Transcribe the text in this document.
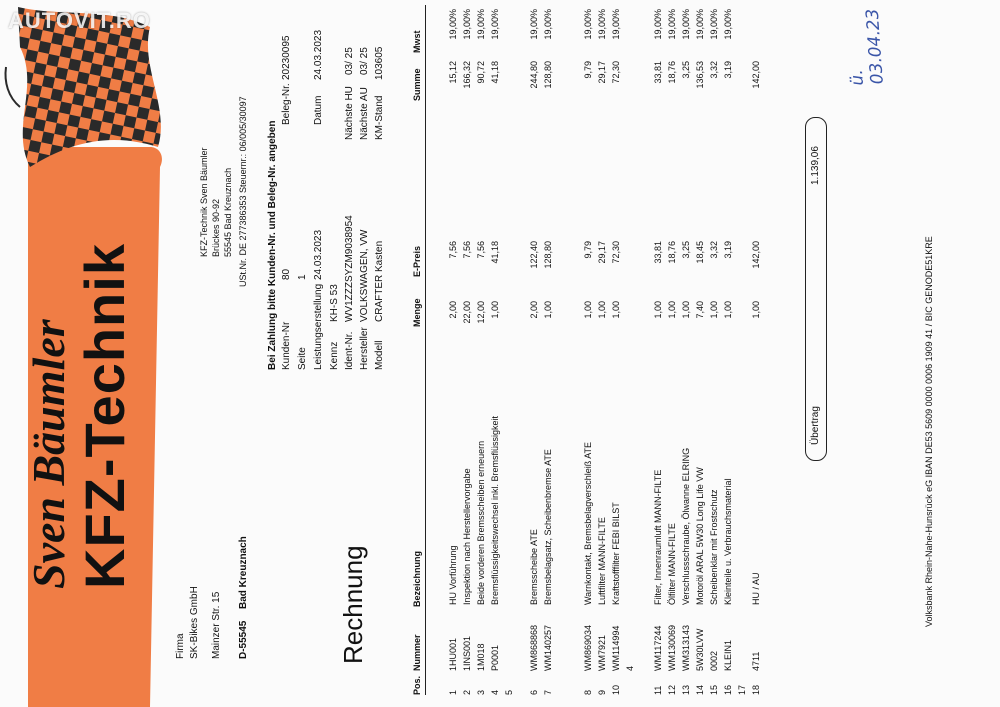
Sven Bäumler KFZ-Technik
Firma SK-Bikes GmbH Mainzer Str. 15 D-55545
Bad Kreuznach
KFZ-Technik Sven Bäumler Brückes 90-92 55545 Bad Kreuznach USt.Nr. DE 277386353 Steuernr.: 06/005/30097
Rechnung
Bei Zahlung bitte Kunden-Nr. und Beleg-Nr. angeben Kunden-Nr
80
Seite
1
Leistungserstellung
24.03.2023
Kennz
KH-S 53
Ident-Nr.
WV1ZZZSYZM9038954
Hersteller
VOLKSWAGEN, VW
Modell
CRAFTER Kasten
Beleg-Nr.
20230095
Datum
24.03.2023
Nächste HU
03/ 25
Nächste AU
03/ 25
KM-Stand
103605
Pos.
Nummer
Bezeichnung
Menge
E-Preis
Summe
Mwst
1
1HU001
HU Vorführung
2,00
7,56
15,12
19,00%
2
1INS001
Inspektion nach Herstellervorgabe
22,00
7,56
166,32
19,00%
3
1M018
Beide vorderen Bremsscheiben erneuern
12,00
7,56
90,72
19,00%
4
P0001
Bremsflüssigkeitswechsel inkl. Bremsflüssigkeit
1,00
41,18
41,18
19,00%
5 6
WM868868
Bremsscheibe ATE
2,00
122,40
244,80
19,00%
7
WM140257
Bremsbelagsatz, Scheibenbremse ATE
1,00
128,80
128,80
19,00%
8
WM869034
Warnkontakt, Bremsbelagverschleiß ATE
1,00
9,79
9,79
19,00%
9
WM7921
Luftfilter MANN-FILTE
1,00
29,17
29,17
19,00%
10
WM114994
Kraftstofffilter FEBI BILST
1,00
72,30
72,30
19,00%
4
11
WM117244
Filter, Innenraumluft MANN-FILTE
1,00
33,81
33,81
19,00%
12
WM130069
Ölfilter MANN-FILTE
1,00
18,76
18,76
19,00%
13
WM313143
Verschlussschraube, Ölwanne ELRING
1,00
3,25
3,25
19,00%
14
5W30LVW
Motoröl ARAL 5W30 Long Life VW
7,40
18,45
136,53
19,00%
15
0002
Scheibenklar mit Frostschutz
1,00
3,32
3,32
19,00%
16
KLEIN1
Kleinteile u. Verbrauchsmaterial
1,00
3,19
3,19
19,00%
17 18
4711
HU / AU
1,00
142,00
142,00
Übertrag
1.139,06
ü. 03.04.23
Volksbank Rhein-Nahe-Hunsrück eG IBAN DE53 5609 0000 0006 1909 41 / BIC GENODE51KRE
AUTOVIT.RO
